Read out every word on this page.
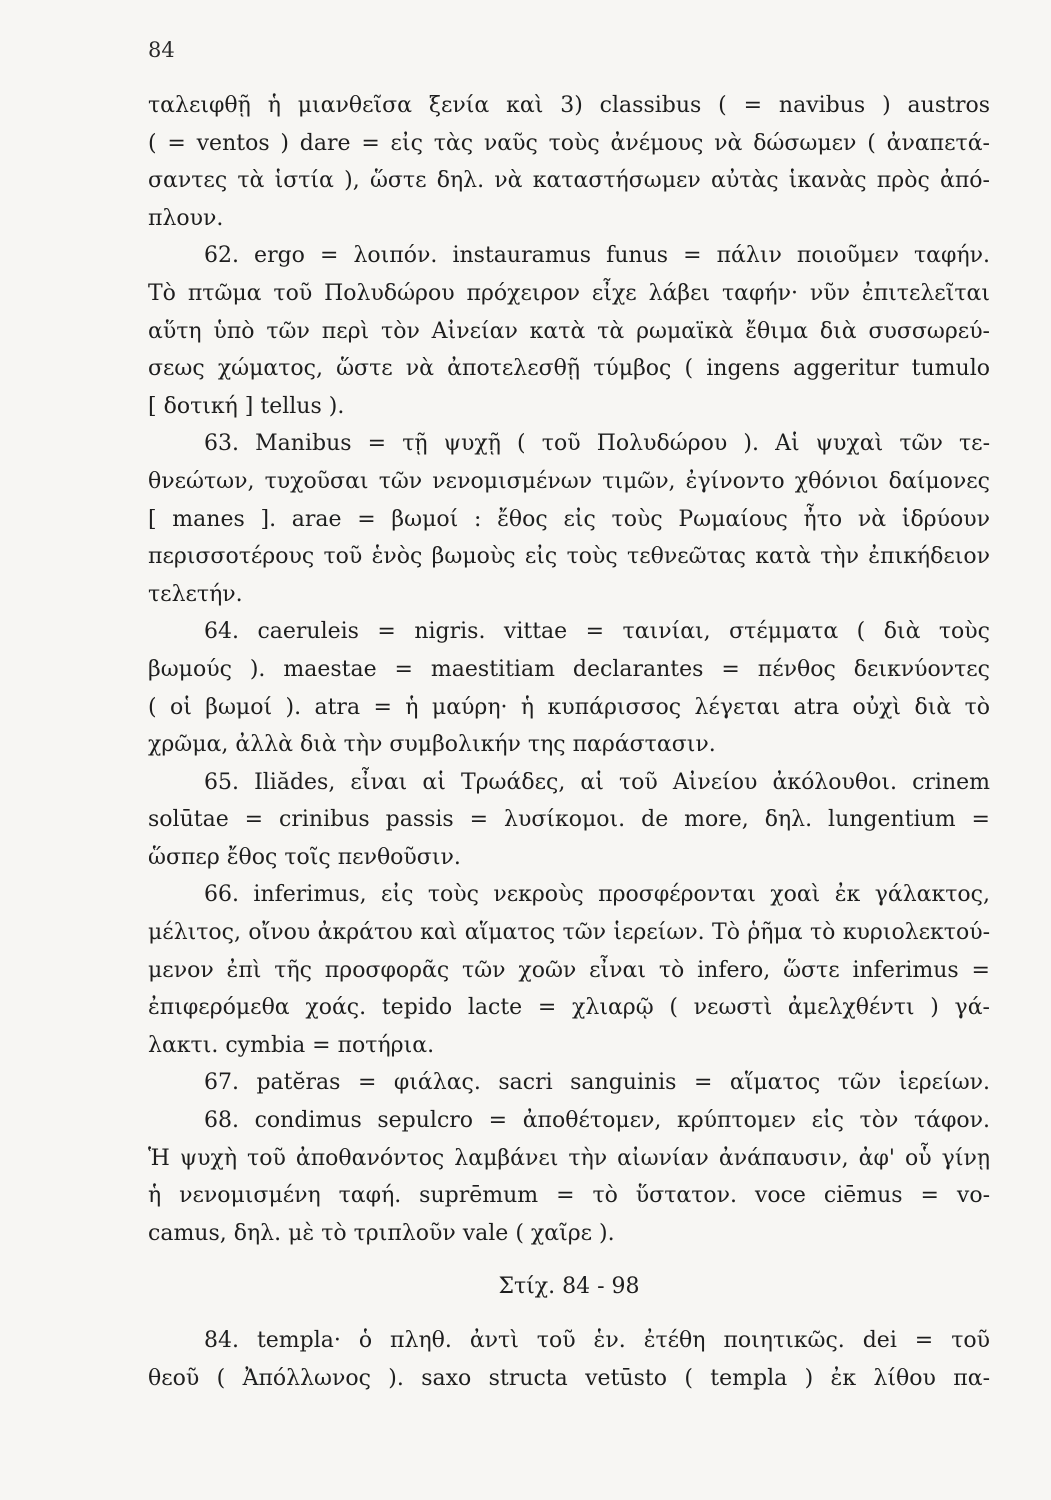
84
ταλειφθῇ ἡ μιανθεῖσα ξενία καὶ 3) classibus ( = navibus ) austros
( = ventos ) dare = εἰς τὰς ναῦς τοὺς ἀνέμους νὰ δώσωμεν ( ἀναπετά-
σαντες τὰ ἱστία ), ὥστε δηλ. νὰ καταστήσωμεν αὐτὰς ἱκανὰς πρὸς ἀπό-
πλουν.
62. ergo = λοιπόν. instauramus funus = πάλιν ποιοῦμεν ταφήν.
Τὸ πτῶμα τοῦ Πολυδώρου πρόχειρον εἶχε λάβει ταφήν· νῦν ἐπιτελεῖται
αὕτη ὑπὸ τῶν περὶ τὸν Αἰνείαν κατὰ τὰ ρωμαϊκὰ ἔθιμα διὰ συσσωρεύ-
σεως χώματος, ὥστε νὰ ἀποτελεσθῇ τύμβος ( ingens aggeritur tumulo
[ δοτική ] tellus ).
63. Manibus = τῇ ψυχῇ ( τοῦ Πολυδώρου ). Αἱ ψυχαὶ τῶν τε-
θνεώτων, τυχοῦσαι τῶν νενομισμένων τιμῶν, ἐγίνοντο χθόνιοι δαίμονες
[ manes ]. arae = βωμοί : ἔθος εἰς τοὺς Ρωμαίους ἦτο νὰ ἱδρύουν
περισσοτέρους τοῦ ἑνὸς βωμοὺς εἰς τοὺς τεθνεῶτας κατὰ τὴν ἐπικήδειον
τελετήν.
64. caeruleis = nigris. vittae = ταινίαι, στέμματα ( διὰ τοὺς
βωμούς ). maestae = maestitiam declarantes = πένθος δεικνύοντες
( οἱ βωμοί ). atra = ἡ μαύρη· ἡ κυπάρισσος λέγεται atra οὐχὶ διὰ τὸ
χρῶμα, ἀλλὰ διὰ τὴν συμβολικήν της παράστασιν.
65. Iliădes, εἶναι αἱ Τρωάδες, αἱ τοῦ Αἰνείου ἀκόλουθοι. crinem
solūtae = crinibus passis = λυσίκομοι. de more, δηλ. lungentium =
ὥσπερ ἔθος τοῖς πενθοῦσιν.
66. inferimus, εἰς τοὺς νεκροὺς προσφέρονται χοαὶ ἐκ γάλακτος,
μέλιτος, οἴνου ἀκράτου καὶ αἵματος τῶν ἱερείων. Τὸ ῥῆμα τὸ κυριολεκτού-
μενον ἐπὶ τῆς προσφορᾶς τῶν χοῶν εἶναι τὸ infero, ὥστε inferimus =
ἐπιφερόμεθα χοάς. tepido lacte = χλιαρῷ ( νεωστὶ ἀμελχθέντι ) γά-
λακτι. cymbia = ποτήρια.
67. patĕras = φιάλας. sacri sanguinis = αἵματος τῶν ἱερείων.
68. condimus sepulcro = ἀποθέτομεν, κρύπτομεν εἰς τὸν τάφον.
Ἡ ψυχὴ τοῦ ἀποθανόντος λαμβάνει τὴν αἰωνίαν ἀνάπαυσιν, ἀφ' οὗ γίνῃ
ἡ νενομισμένη ταφή. suprēmum = τὸ ὕστατον. voce ciēmus = vo-
camus, δηλ. μὲ τὸ τριπλοῦν vale ( χαῖρε ).
Στίχ. 84 - 98
84. templa· ὁ πληθ. ἀντὶ τοῦ ἑν. ἐτέθη ποιητικῶς. dei = τοῦ
θεοῦ ( Ἀπόλλωνος ). saxo structa vetūsto ( templa ) ἐκ λίθου πα-
